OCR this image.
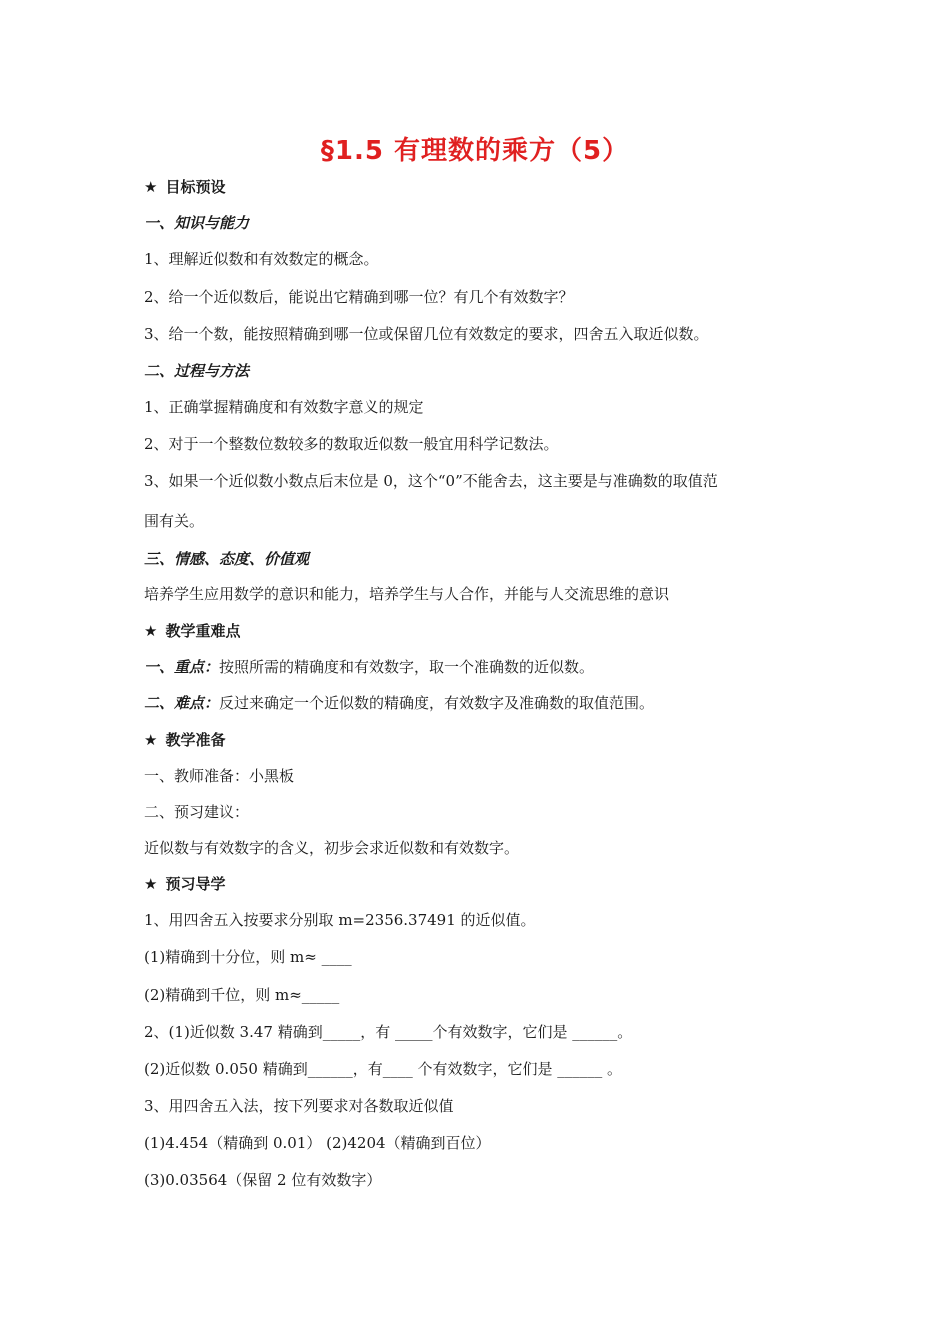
§1.5 有理数的乘方（5）
★ 目标预设
一、知识与能力
1、理解近似数和有效数定的概念。
2、给一个近似数后，能说出它精确到哪一位？有几个有效数字？
3、给一个数，能按照精确到哪一位或保留几位有效数定的要求，四舍五入取近似数。
二、过程与方法
1、正确掌握精确度和有效数字意义的规定
2、对于一个整数位数较多的数取近似数一般宜用科学记数法。
3、如果一个近似数小数点后末位是 0，这个“0”不能舍去，这主要是与准确数的取值范
围有关。
三、情感、态度、价值观
培养学生应用数学的意识和能力，培养学生与人合作，并能与人交流思维的意识
★ 教学重难点
一、重点：按照所需的精确度和有效数字，取一个准确数的近似数。
二、难点：反过来确定一个近似数的精确度，有效数字及准确数的取值范围。
★ 教学准备
一、教师准备：小黑板
二、预习建议：
近似数与有效数字的含义，初步会求近似数和有效数字。
★ 预习导学
1、用四舍五入按要求分别取 m=2356.37491 的近似值。
(1)精确到十分位，则 m≈ ____
(2)精确到千位，则 m≈_____
2、(1)近似数 3.47 精确到_____，有 _____个有效数字，它们是 ______。
(2)近似数 0.050 精确到______，有____ 个有效数字，它们是 ______ 。
3、用四舍五入法，按下列要求对各数取近似值
(1)4.454（精确到 0.01） (2)4204（精确到百位）
(3)0.03564（保留 2 位有效数字）
